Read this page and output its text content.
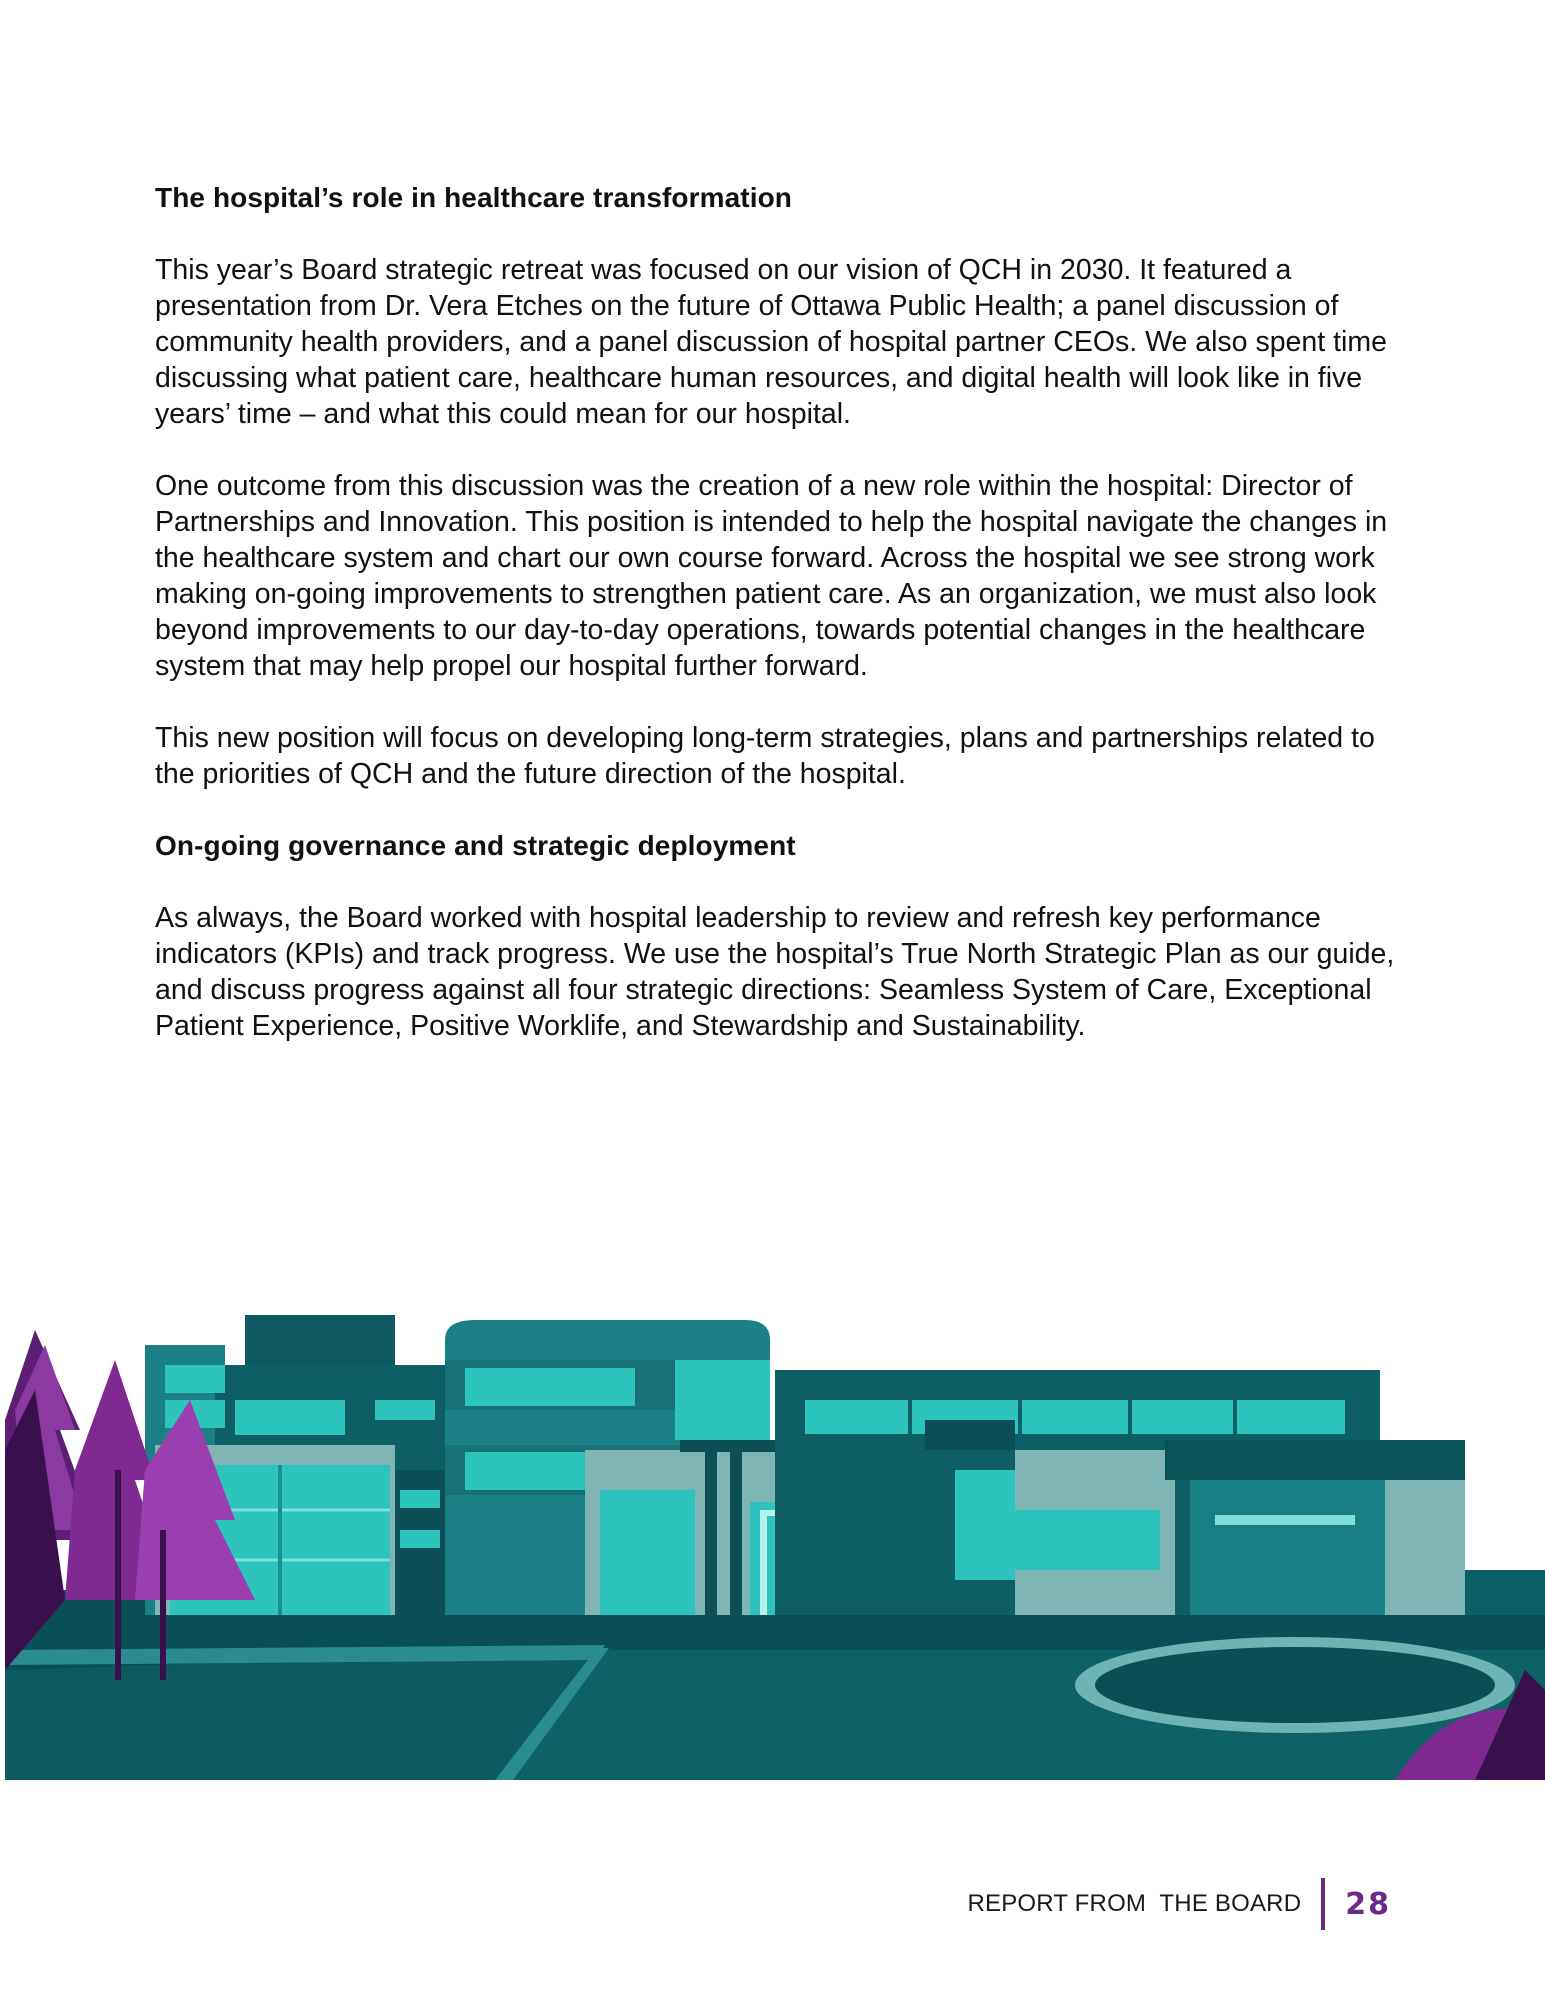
The hospital’s role in healthcare transformation

This year’s Board strategic retreat was focused on our vision of QCH in 2030. It featured a presentation from Dr. Vera Etches on the future of Ottawa Public Health; a panel discussion of community health providers, and a panel discussion of hospital partner CEOs. We also spent time discussing what patient care, healthcare human resources, and digital health will look like in five years’ time – and what this could mean for our hospital.

One outcome from this discussion was the creation of a new role within the hospital: Director of Partnerships and Innovation. This position is intended to help the hospital navigate the changes in the healthcare system and chart our own course forward. Across the hospital we see strong work making on-going improvements to strengthen patient care. As an organization, we must also look beyond improvements to our day-to-day operations, towards potential changes in the healthcare system that may help propel our hospital further forward.

This new position will focus on developing long-term strategies, plans and partnerships related to the priorities of QCH and the future direction of the hospital.

On-going governance and strategic deployment

As always, the Board worked with hospital leadership to review and refresh key performance indicators (KPIs) and track progress. We use the hospital’s True North Strategic Plan as our guide, and discuss progress against all four strategic directions: Seamless System of Care, Exceptional Patient Experience, Positive Worklife, and Stewardship and Sustainability.

REPORT FROM  THE BOARD 28
